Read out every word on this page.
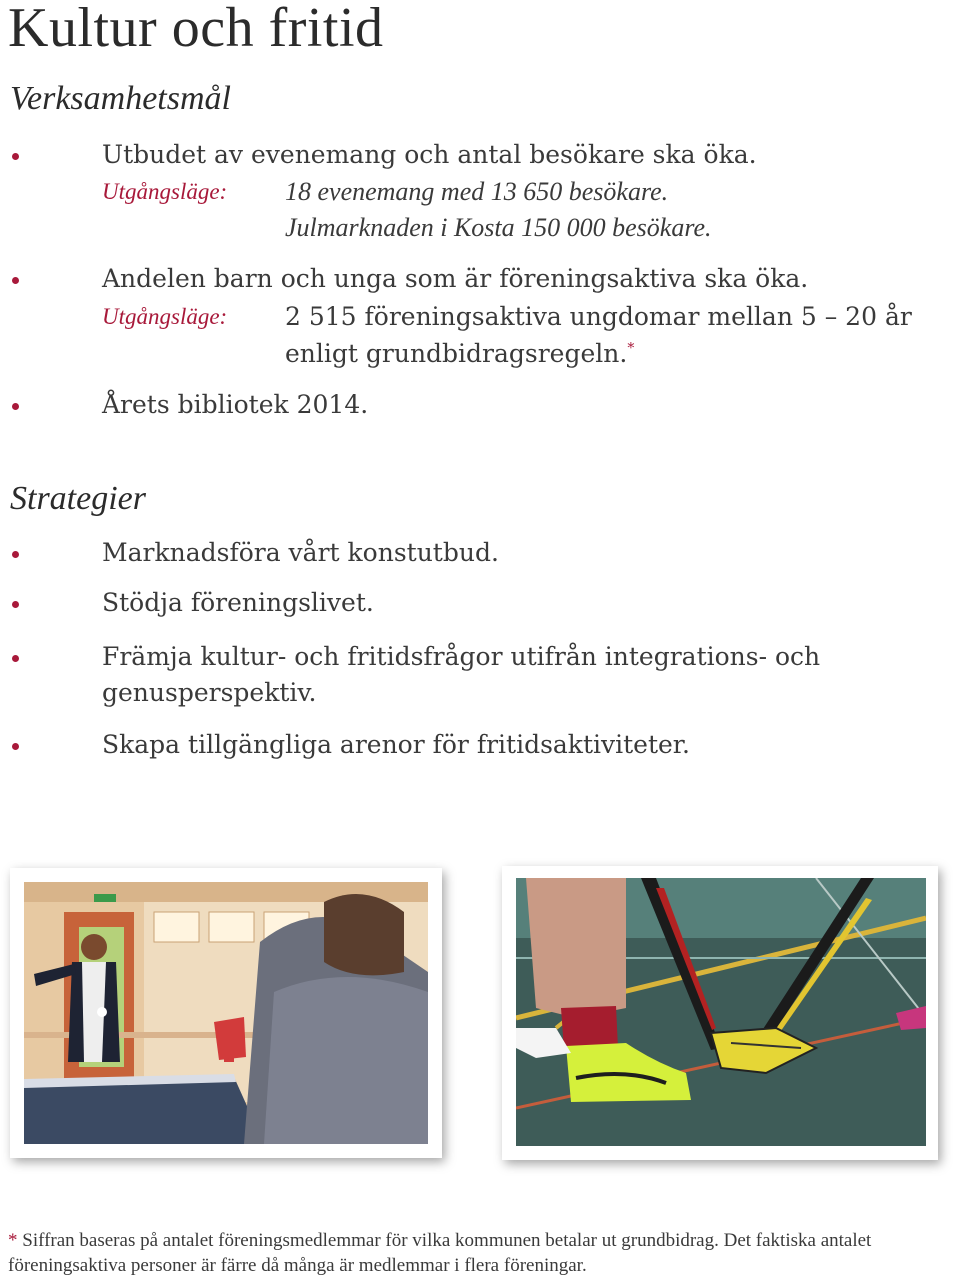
Kultur och fritid
Verksamhetsmål
Utbudet av evenemang och antal besökare ska öka.
Utgångsläge: 18 evenemang med 13 650 besökare.
Julmarknaden i Kosta 150 000 besökare.
Andelen barn och unga som är föreningsaktiva ska öka.
Utgångsläge: 2 515 föreningsaktiva ungdomar mellan 5 – 20 år
enligt grundbidragsregeln.*
Årets bibliotek 2014.
Strategier
Marknadsföra vårt konstutbud.
Stödja föreningslivet.
Främja kultur- och fritidsfrågor utifrån integrations- och
genusperspektiv.
Skapa tillgängliga arenor för fritidsaktiviteter.

* Siffran baseras på antalet föreningsmedlemmar för vilka kommunen betalar ut grundbidrag. Det faktiska antalet föreningsaktiva personer är färre då många är medlemmar i flera föreningar.
